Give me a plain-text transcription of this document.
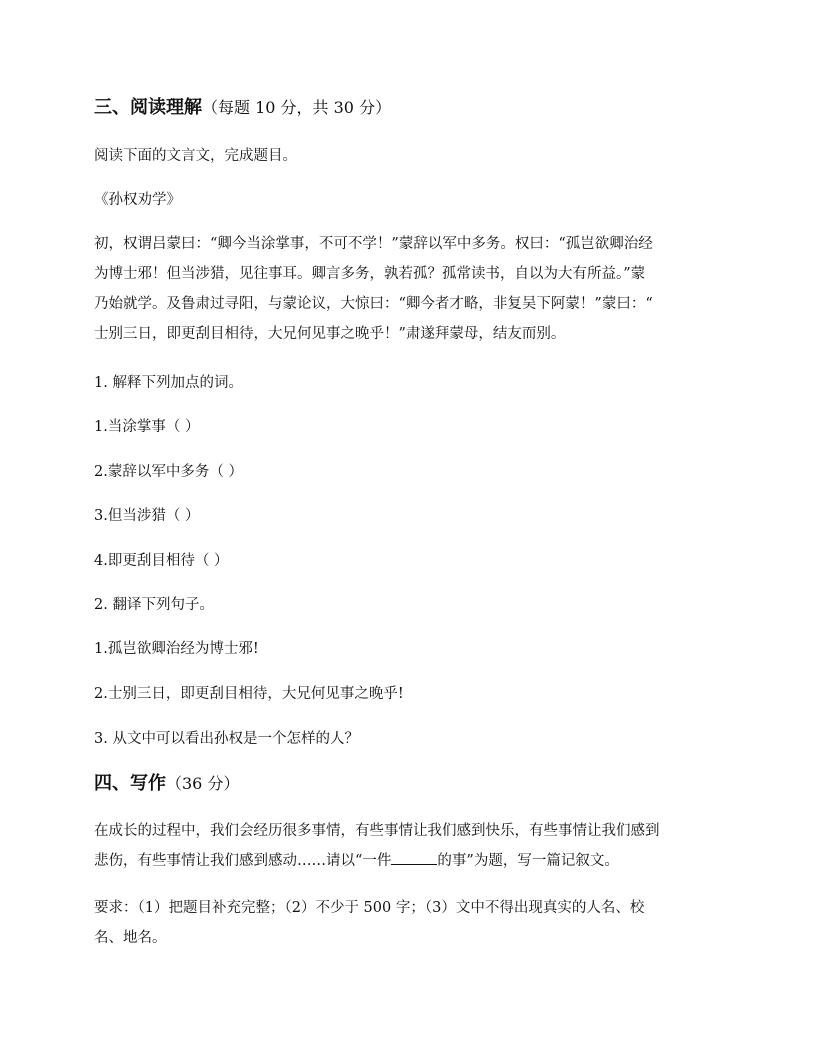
三、阅读理解（每题 10 分，共 30 分）
阅读下面的文言文，完成题目。
《孙权劝学》
初，权谓吕蒙曰：“卿今当涂掌事，不可不学！”蒙辞以军中多务。权曰：“孤岂欲卿治经
为博士邪！但当涉猎，见往事耳。卿言多务，孰若孤？孤常读书，自以为大有所益。”蒙
乃始就学。及鲁肃过寻阳，与蒙论议，大惊曰：“卿今者才略，非复吴下阿蒙！”蒙曰：“
士别三日，即更刮目相待，大兄何见事之晚乎！”肃遂拜蒙母，结友而别。
1. 解释下列加点的词。
1.当涂掌事（ ）
2.蒙辞以军中多务（ ）
3.但当涉猎（ ）
4.即更刮目相待（ ）
2. 翻译下列句子。
1.孤岂欲卿治经为博士邪!
2.士别三日，即更刮目相待，大兄何见事之晚乎!
3. 从文中可以看出孙权是一个怎样的人？
四、写作（36 分）
在成长的过程中，我们会经历很多事情，有些事情让我们感到快乐，有些事情让我们感到
悲伤，有些事情让我们感到感动……请以“一件	的事”为题，写一篇记叙文。
要求：（1）把题目补充完整；（2）不少于 500 字；（3）文中不得出现真实的人名、校
名、地名。
